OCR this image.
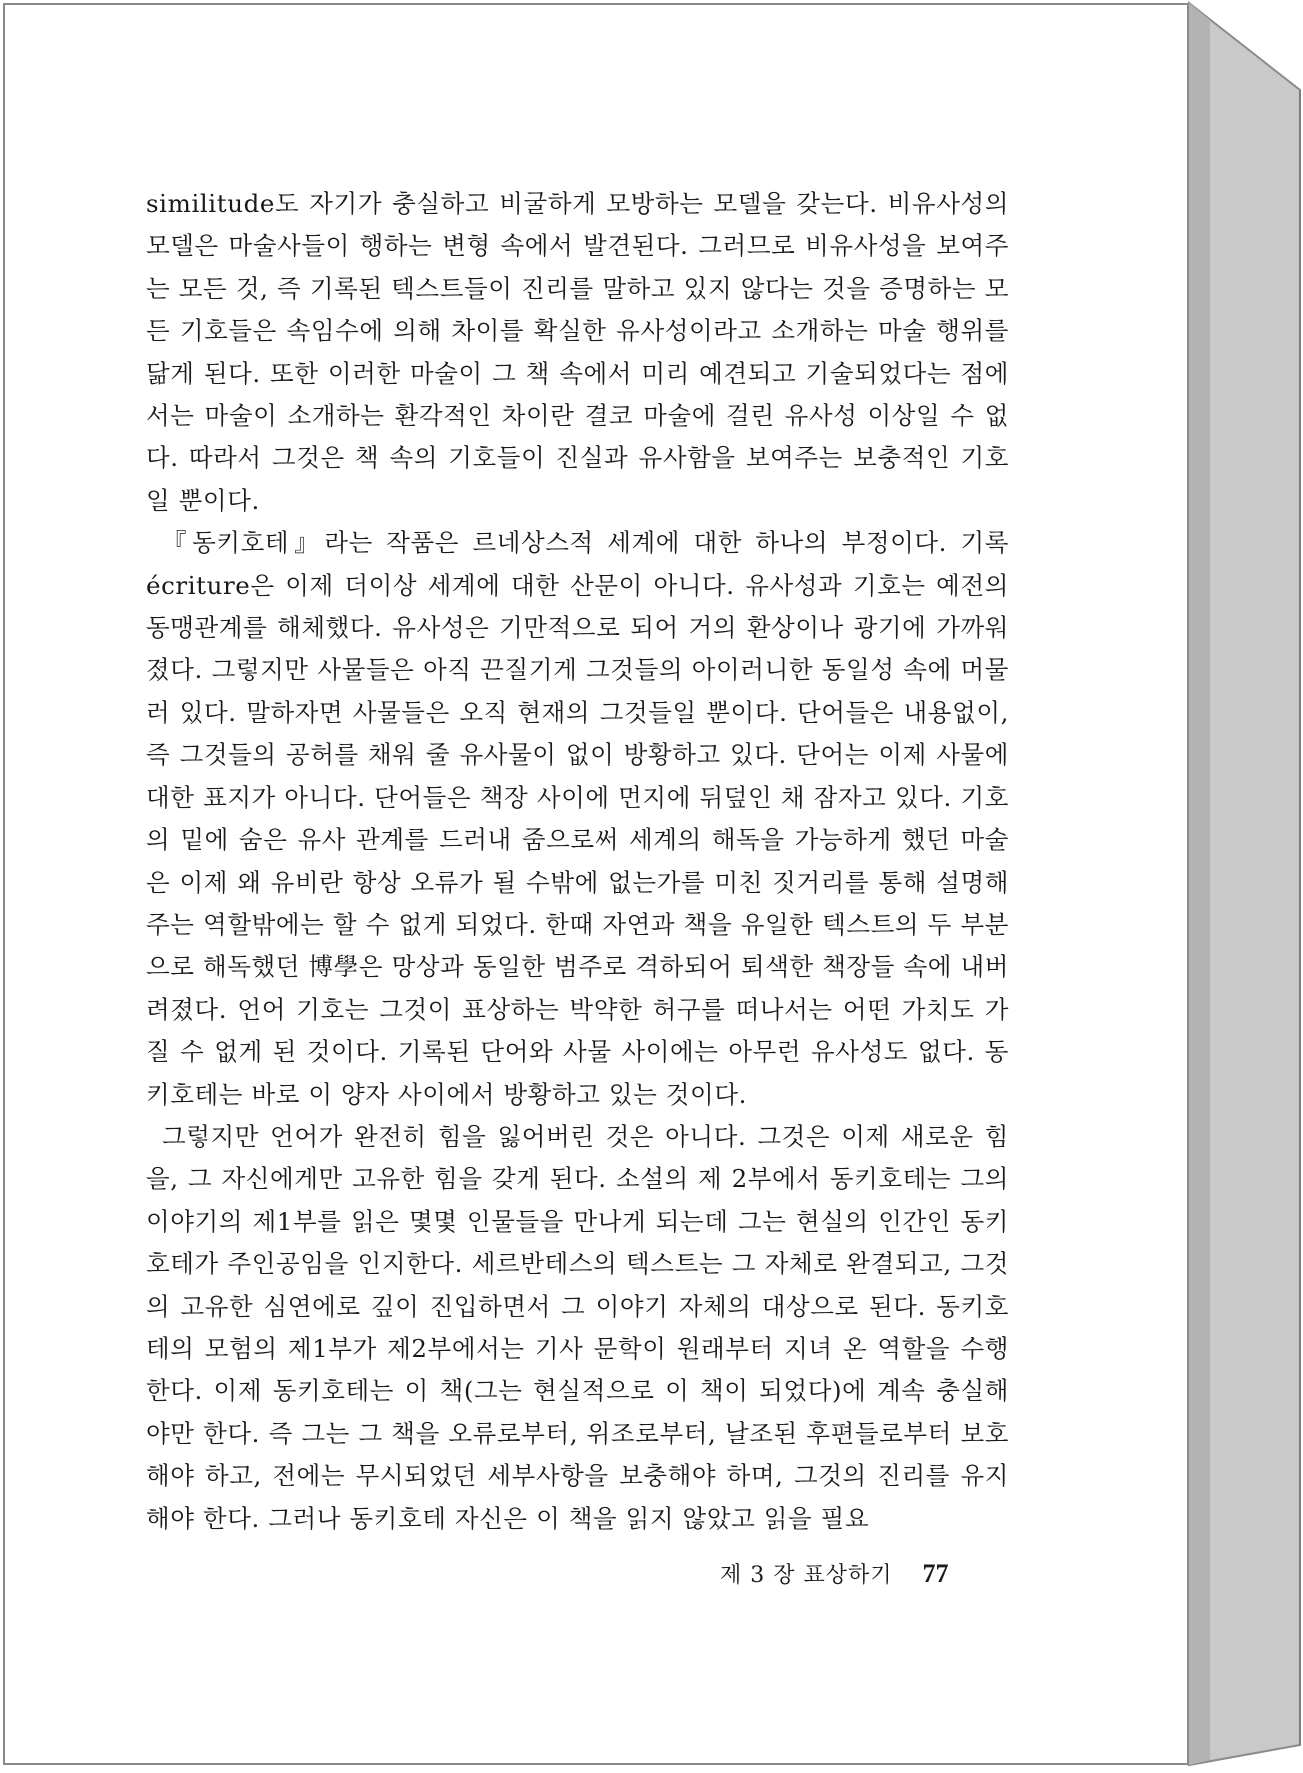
similitude도 자기가 충실하고 비굴하게 모방하는 모델을 갖는다. 비유사성의 모델은 마술사들이 행하는 변형 속에서 발견된다. 그러므로 비유사성을 보여주는 모든 것, 즉 기록된 텍스트들이 진리를 말하고 있지 않다는 것을 증명하는 모든 기호들은 속임수에 의해 차이를 확실한 유사성이라고 소개하는 마술 행위를 닮게 된다. 또한 이러한 마술이 그 책 속에서 미리 예견되고 기술되었다는 점에서는 마술이 소개하는 환각적인 차이란 결코 마술에 걸린 유사성 이상일 수 없다. 따라서 그것은 책 속의 기호들이 진실과 유사함을 보여주는 보충적인 기호일 뿐이다.

『동키호테』라는 작품은 르네상스적 세계에 대한 하나의 부정이다. 기록 écriture은 이제 더이상 세계에 대한 산문이 아니다. 유사성과 기호는 예전의 동맹관계를 해체했다. 유사성은 기만적으로 되어 거의 환상이나 광기에 가까워졌다. 그렇지만 사물들은 아직 끈질기게 그것들의 아이러니한 동일성 속에 머물러 있다. 말하자면 사물들은 오직 현재의 그것들일 뿐이다. 단어들은 내용없이, 즉 그것들의 공허를 채워 줄 유사물이 없이 방황하고 있다. 단어는 이제 사물에 대한 표지가 아니다. 단어들은 책장 사이에 먼지에 뒤덮인 채 잠자고 있다. 기호의 밑에 숨은 유사 관계를 드러내 줌으로써 세계의 해독을 가능하게 했던 마술은 이제 왜 유비란 항상 오류가 될 수밖에 없는가를 미친 짓거리를 통해 설명해 주는 역할밖에는 할 수 없게 되었다. 한때 자연과 책을 유일한 텍스트의 두 부분으로 해독했던 博學은 망상과 동일한 범주로 격하되어 퇴색한 책장들 속에 내버려졌다. 언어 기호는 그것이 표상하는 박약한 허구를 떠나서는 어떤 가치도 가질 수 없게 된 것이다. 기록된 단어와 사물 사이에는 아무런 유사성도 없다. 동키호테는 바로 이 양자 사이에서 방황하고 있는 것이다.

그렇지만 언어가 완전히 힘을 잃어버린 것은 아니다. 그것은 이제 새로운 힘을, 그 자신에게만 고유한 힘을 갖게 된다. 소설의 제 2부에서 동키호테는 그의 이야기의 제1부를 읽은 몇몇 인물들을 만나게 되는데 그는 현실의 인간인 동키호테가 주인공임을 인지한다. 세르반테스의 텍스트는 그 자체로 완결되고, 그것의 고유한 심연에로 깊이 진입하면서 그 이야기 자체의 대상으로 된다. 동키호테의 모험의 제1부가 제2부에서는 기사 문학이 원래부터 지녀 온 역할을 수행한다. 이제 동키호테는 이 책(그는 현실적으로 이 책이 되었다)에 계속 충실해야만 한다. 즉 그는 그 책을 오류로부터, 위조로부터, 날조된 후편들로부터 보호해야 하고, 전에는 무시되었던 세부사항을 보충해야 하며, 그것의 진리를 유지해야 한다. 그러나 동키호테 자신은 이 책을 읽지 않았고 읽을 필요

제 3 장 표상하기 77
